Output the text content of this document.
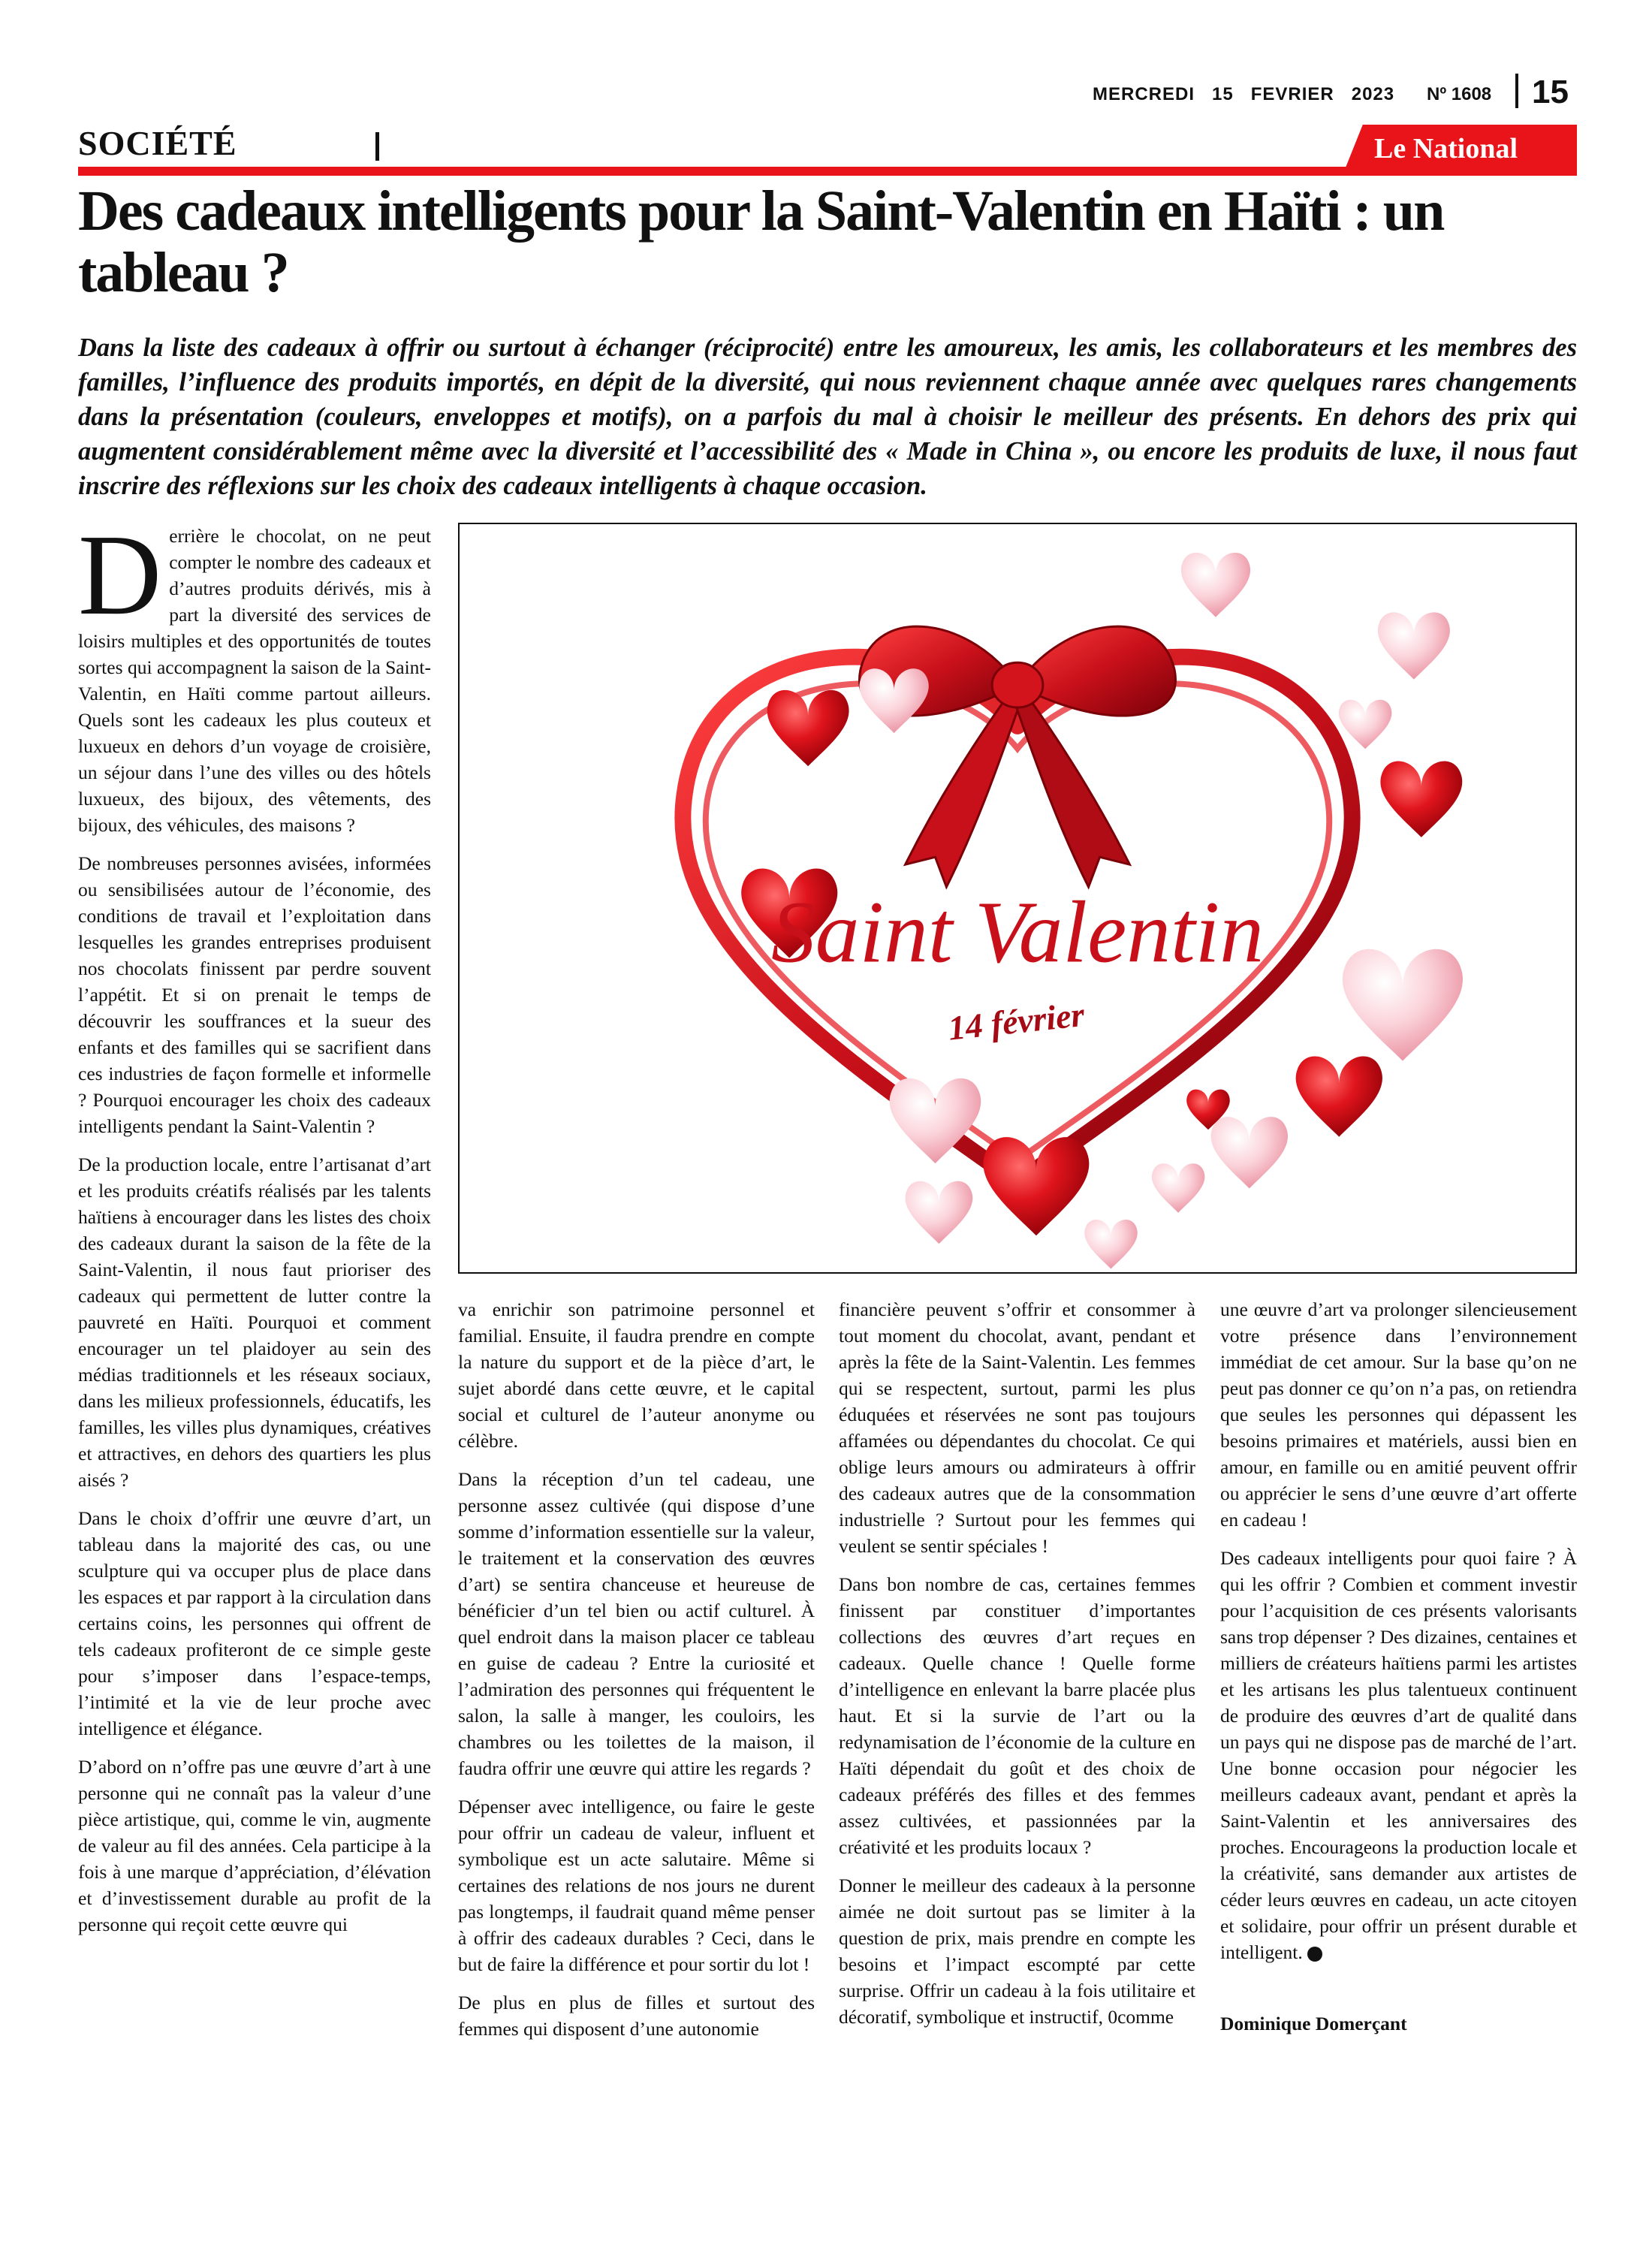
MERCREDI   15   FEVRIER   2023 Nº 1608 15
SOCIÉTÉ	Le National
Des cadeaux intelligents pour la Saint-Valentin en Haïti : un tableau ?
Dans la liste des cadeaux à offrir ou surtout à échanger (réciprocité) entre les amoureux, les amis, les collaborateurs et les membres des familles, l’influence des produits importés, en dépit de la diversité, qui nous reviennent chaque année avec quelques rares changements dans la présentation (couleurs, enveloppes et motifs), on a parfois du mal à choisir le meilleur des présents. En dehors des prix qui augmentent considérablement même avec la diversité et l’accessibilité des « Made in China », ou encore les produits de luxe, il nous faut inscrire des réflexions sur les choix des cadeaux intelligents à chaque occasion.

Derrière le chocolat, on ne peut compter le nombre des cadeaux et d’autres produits dérivés, mis à part la diversité des services de loisirs multiples et des opportunités de toutes sortes qui accompagnent la saison de la Saint-Valentin, en Haïti comme partout ailleurs. Quels sont les cadeaux les plus couteux et luxueux en dehors d’un voyage de croisière, un séjour dans l’une des villes ou des hôtels luxueux, des bijoux, des vêtements, des bijoux, des véhicules, des maisons ?

De nombreuses personnes avisées, informées ou sensibilisées autour de l’économie, des conditions de travail et l’exploitation dans lesquelles les grandes entreprises produisent nos chocolats finissent par perdre souvent l’appétit. Et si on prenait le temps de découvrir les souffrances et la sueur des enfants et des familles qui se sacrifient dans ces industries de façon formelle et informelle ? Pourquoi encourager les choix des cadeaux intelligents pendant la Saint-Valentin ?

De la production locale, entre l’artisanat d’art et les produits créatifs réalisés par les talents haïtiens à encourager dans les listes des choix des cadeaux durant la saison de la fête de la Saint-Valentin, il nous faut prioriser des cadeaux qui permettent de lutter contre la pauvreté en Haïti. Pourquoi et comment encourager un tel plaidoyer au sein des médias traditionnels et les réseaux sociaux, dans les milieux professionnels, éducatifs, les familles, les villes plus dynamiques, créatives et attractives, en dehors des quartiers les plus aisés ?

Dans le choix d’offrir une œuvre d’art, un tableau dans la majorité des cas, ou une sculpture qui va occuper plus de place dans les espaces et par rapport à la circulation dans certains coins, les personnes qui offrent de tels cadeaux profiteront de ce simple geste pour s’imposer dans l’espace-temps, l’intimité et la vie de leur proche avec intelligence et élégance.

D’abord on n’offre pas une œuvre d’art à une personne qui ne connaît pas la valeur d’une pièce artistique, qui, comme le vin, augmente de valeur au fil des années. Cela participe à la fois à une marque d’appréciation, d’élévation et d’investissement durable au profit de la personne qui reçoit cette œuvre qui

Saint Valentin
14 février

va enrichir son patrimoine personnel et familial. Ensuite, il faudra prendre en compte la nature du support et de la pièce d’art, le sujet abordé dans cette œuvre, et le capital social et culturel de l’auteur anonyme ou célèbre.

Dans la réception d’un tel cadeau, une personne assez cultivée (qui dispose d’une somme d’information essentielle sur la valeur, le traitement et la conservation des œuvres d’art) se sentira chanceuse et heureuse de bénéficier d’un tel bien ou actif culturel. À quel endroit dans la maison placer ce tableau en guise de cadeau ? Entre la curiosité et l’admiration des personnes qui fréquentent le salon, la salle à manger, les couloirs, les chambres ou les toilettes de la maison, il faudra offrir une œuvre qui attire les regards ?

Dépenser avec intelligence, ou faire le geste pour offrir un cadeau de valeur, influent et symbolique est un acte salutaire. Même si certaines des relations de nos jours ne durent pas longtemps, il faudrait quand même penser à offrir des cadeaux durables ? Ceci, dans le but de faire la différence et pour sortir du lot !

De plus en plus de filles et surtout des femmes qui disposent d’une autonomie

financière peuvent s’offrir et consommer à tout moment du chocolat, avant, pendant et après la fête de la Saint-Valentin. Les femmes qui se respectent, surtout, parmi les plus éduquées et réservées ne sont pas toujours affamées ou dépendantes du chocolat. Ce qui oblige leurs amours ou admirateurs à offrir des cadeaux autres que de la consommation industrielle ? Surtout pour les femmes qui veulent se sentir spéciales !

Dans bon nombre de cas, certaines femmes finissent par constituer d’importantes collections des œuvres d’art reçues en cadeaux. Quelle chance ! Quelle forme d’intelligence en enlevant la barre placée plus haut. Et si la survie de l’art ou la redynamisation de l’économie de la culture en Haïti dépendait du goût et des choix de cadeaux préférés des filles et des femmes assez cultivées, et passionnées par la créativité et les produits locaux ?

Donner le meilleur des cadeaux à la personne aimée ne doit surtout pas se limiter à la question de prix, mais prendre en compte les besoins et l’impact escompté par cette surprise. Offrir un cadeau à la fois utilitaire et décoratif, symbolique et instructif, 0comme

une œuvre d’art va prolonger silencieusement votre présence dans l’environnement immédiat de cet amour. Sur la base qu’on ne peut pas donner ce qu’on n’a pas, on retiendra que seules les personnes qui dépassent les besoins primaires et matériels, aussi bien en amour, en famille ou en amitié peuvent offrir ou apprécier le sens d’une œuvre d’art offerte en cadeau !

Des cadeaux intelligents pour quoi faire ? À qui les offrir ? Combien et comment investir pour l’acquisition de ces présents valorisants sans trop dépenser ? Des dizaines, centaines et milliers de créateurs haïtiens parmi les artistes et les artisans les plus talentueux continuent de produire des œuvres d’art de qualité dans un pays qui ne dispose pas de marché de l’art. Une bonne occasion pour négocier les meilleurs cadeaux avant, pendant et après la Saint-Valentin et les anniversaires des proches. Encourageons la production locale et la créativité, sans demander aux artistes de céder leurs œuvres en cadeau, un acte citoyen et solidaire, pour offrir un présent durable et intelligent.

Dominique Domerçant
